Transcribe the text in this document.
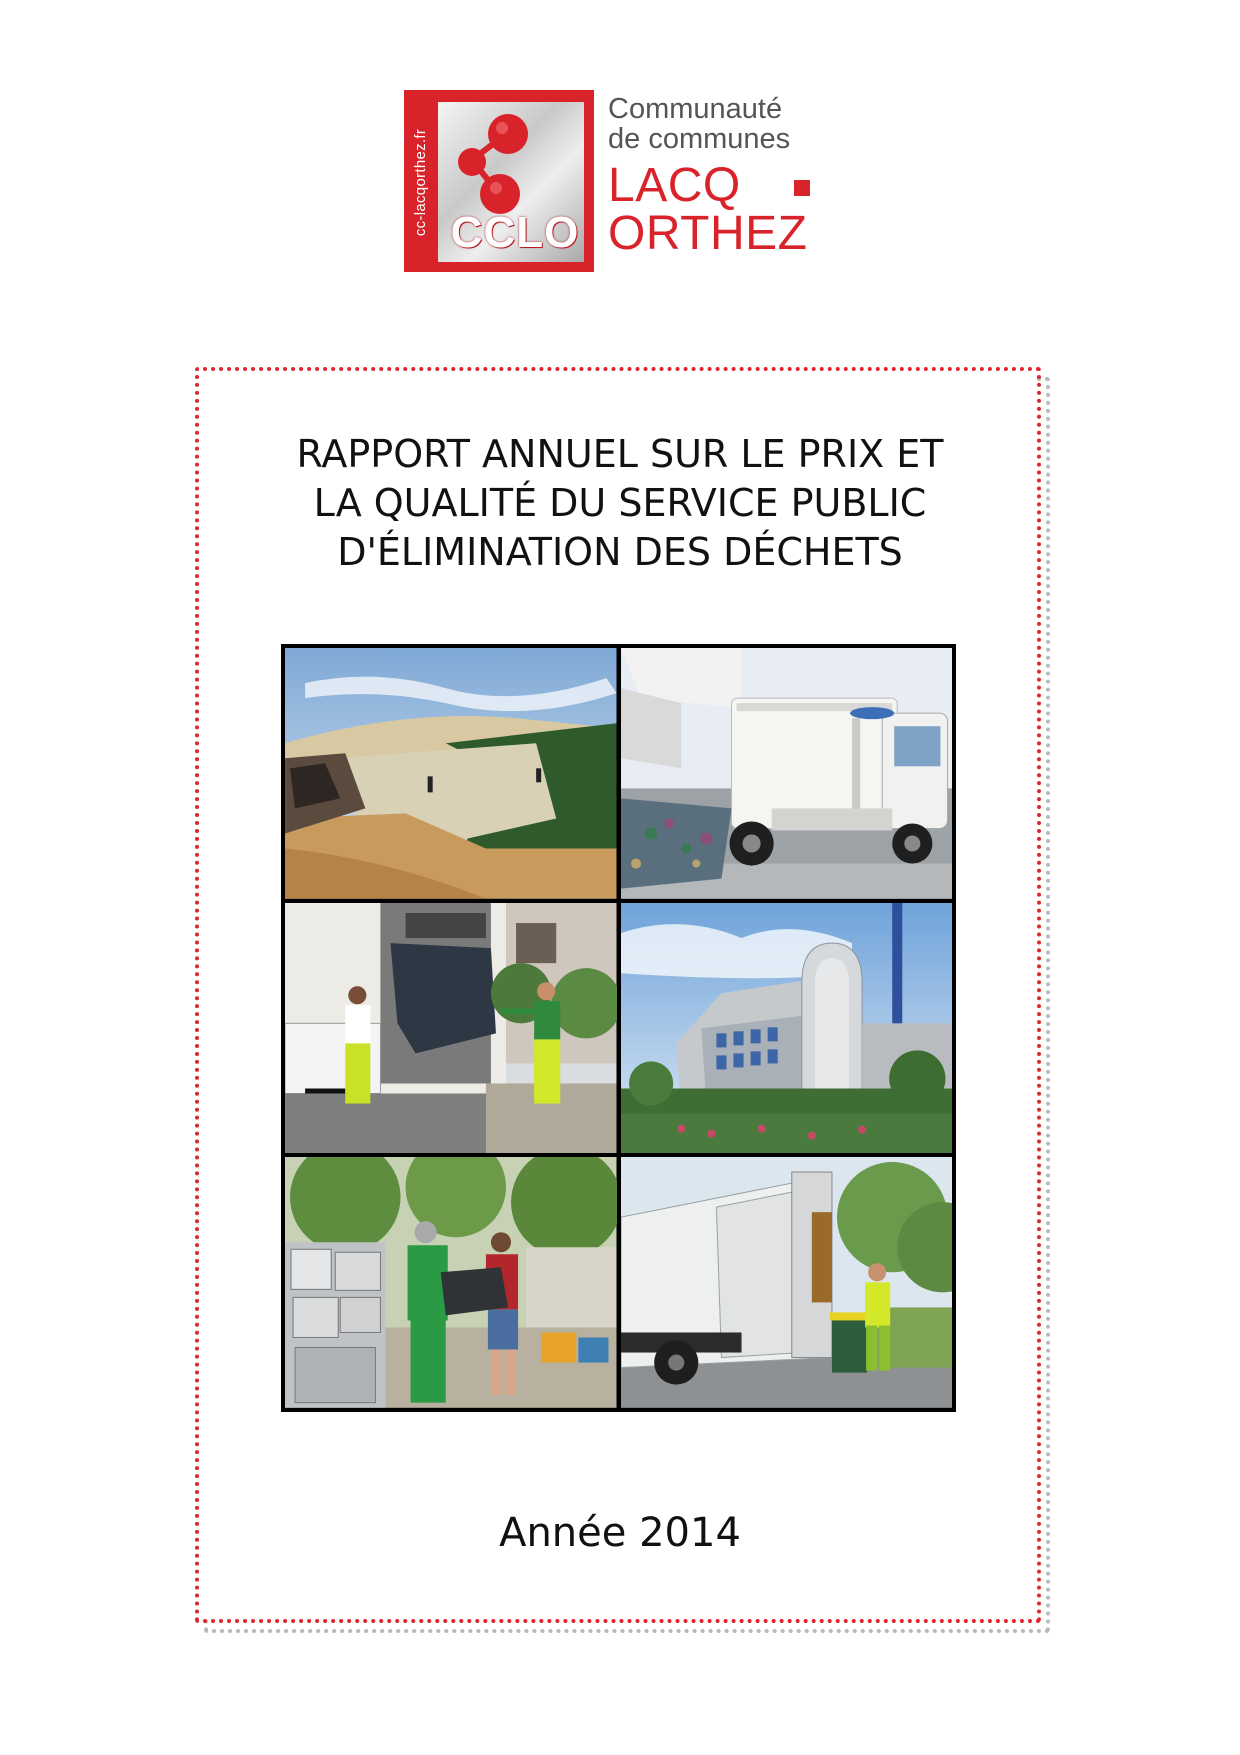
cc-lacqorthez.fr CCLO
Communauté
de communes
LACQ
ORTHEZ
RAPPORT ANNUEL SUR LE PRIX ET
LA QUALITÉ DU SERVICE PUBLIC
D'ÉLIMINATION DES DÉCHETS
Année 2014
